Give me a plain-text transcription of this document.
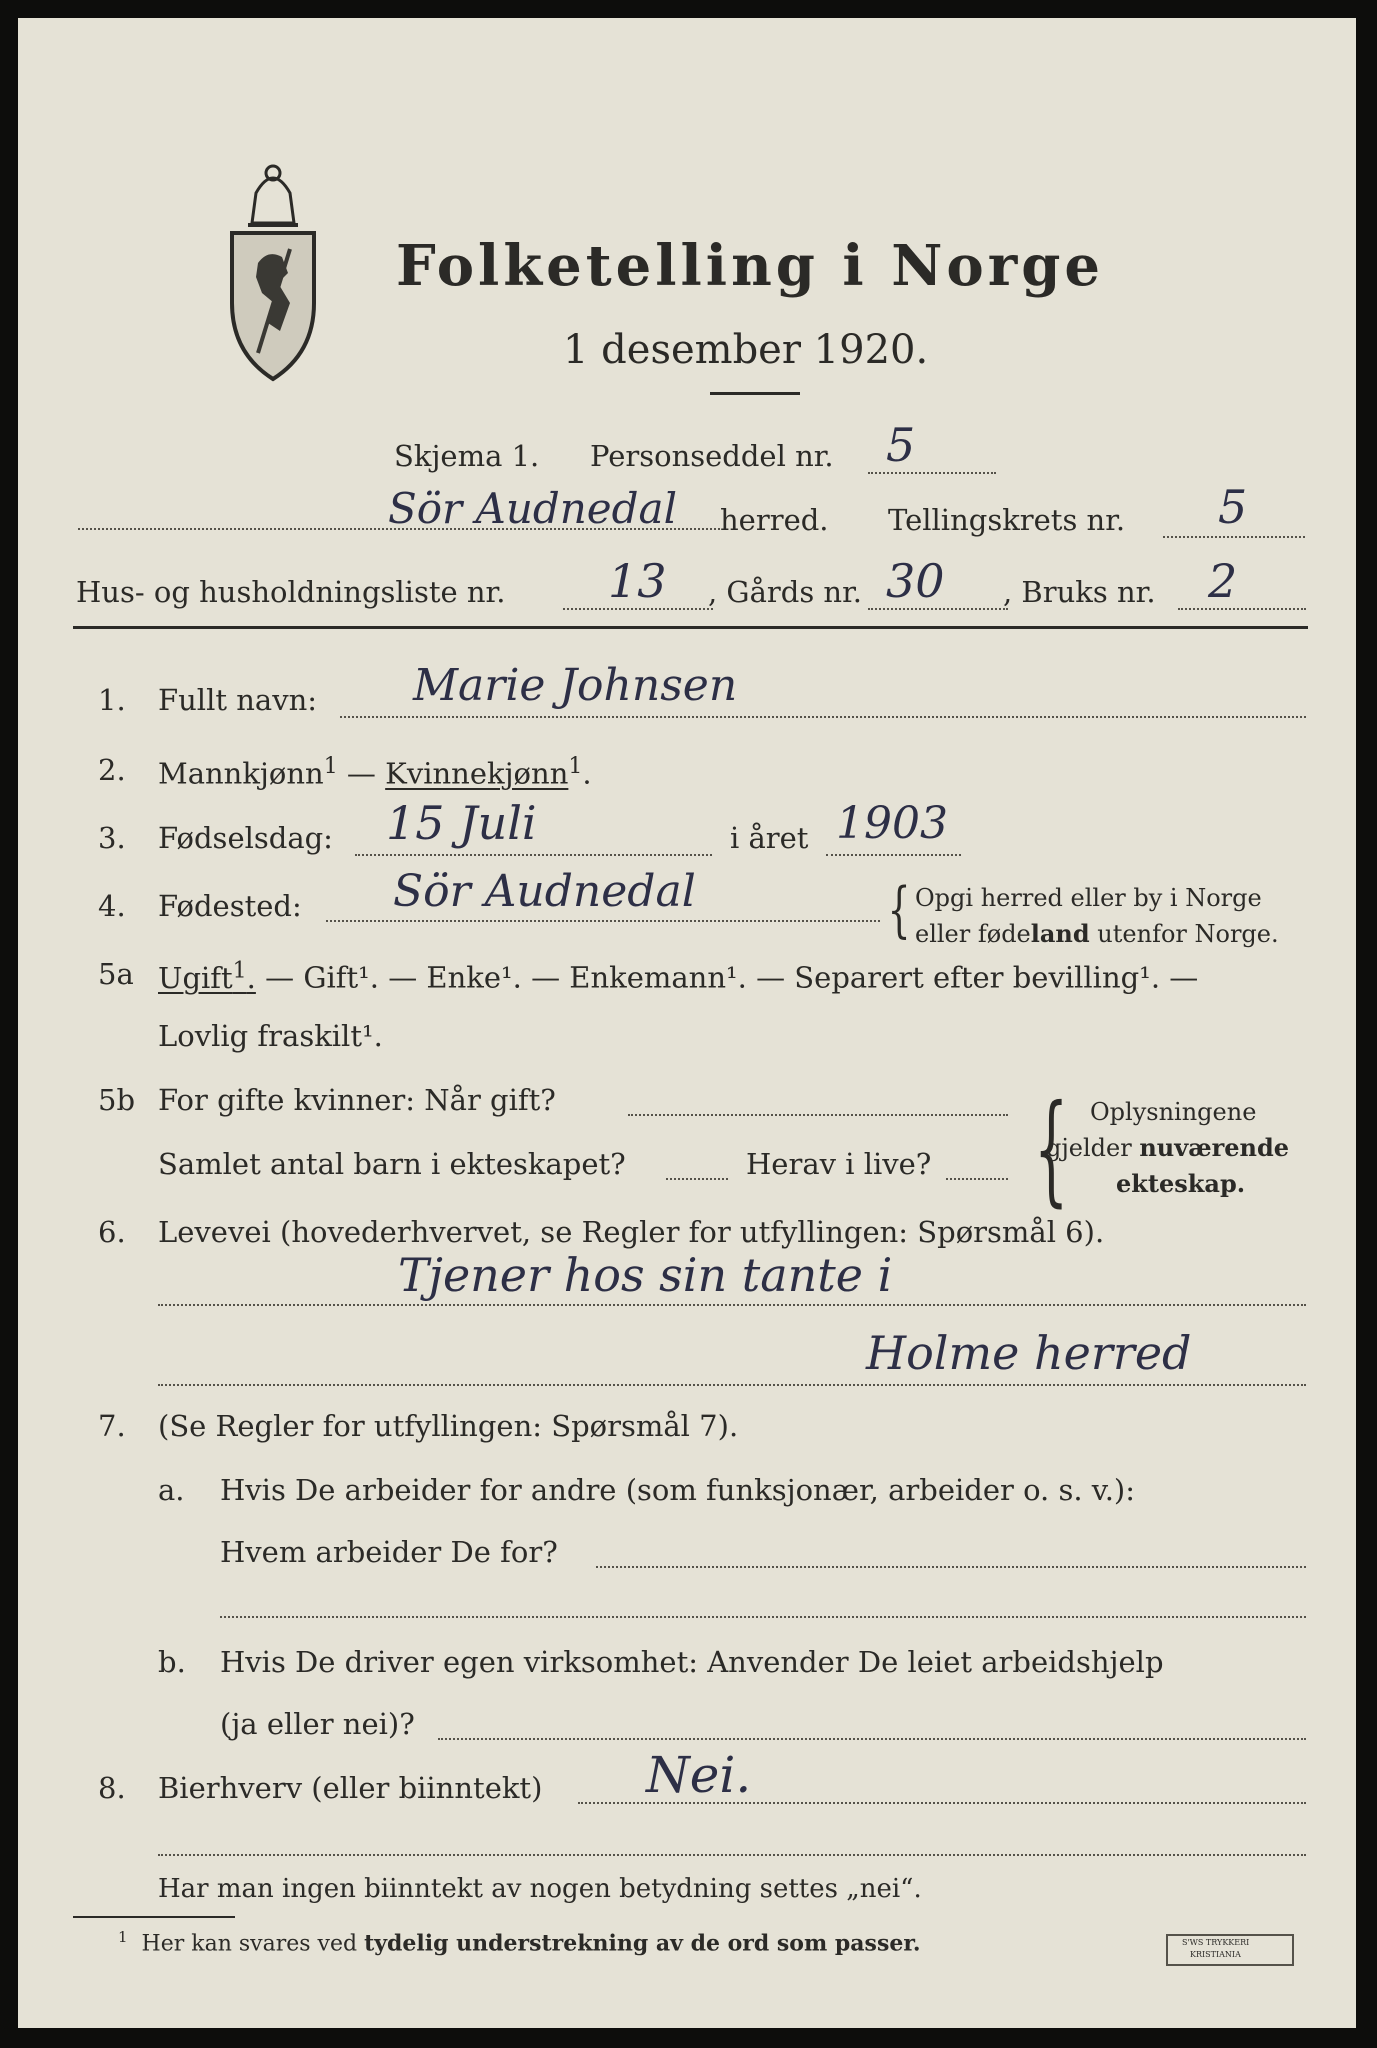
Folketelling i Norge
1 desember 1920.
Skjema 1. Personseddel nr. 5
Sör Audnedal herred. Tellingskrets nr. 5
Hus- og husholdningsliste nr. 13 , Gårds nr. 30 , Bruks nr. 2
1. Fullt navn: Marie Johnsen
2. Mannkjønn$^1$ — Kvinnekjønn$^1$.
3. Fødselsdag: 15 Juli	i året 1903
4. Fødested: Sör Audnedal	{ Opgi herred eller by i Norge
eller fødeland utenfor Norge.
5a Ugift$^1$. — Gift¹. — Enke¹. — Enkemann¹. — Separert efter bevilling¹. —
Lovlig fraskilt¹.
5b For gifte kvinner: Når gift?
Samlet antal barn i ekteskapet?	Herav i live? { Oplysningene
gjelder nuværende
ekteskap.
6. Levevei (hovederhvervet, se Regler for utfyllingen: Spørsmål 6).
Tjener hos sin tante i
Holme herred
7. (Se Regler for utfyllingen: Spørsmål 7).
a. Hvis De arbeider for andre (som funksjonær, arbeider o. s. v.):
Hvem arbeider De for?
b. Hvis De driver egen virksomhet: Anvender De leiet arbeidshjelp
(ja eller nei)?
8. Bierhverv (eller biinntekt) Nei.
Har man ingen biinntekt av nogen betydning settes „nei“.
$^1$ Her kan svares ved tydelig understrekning av de ord som passer.	S'WS TRYKKERI
KRISTIANIA
